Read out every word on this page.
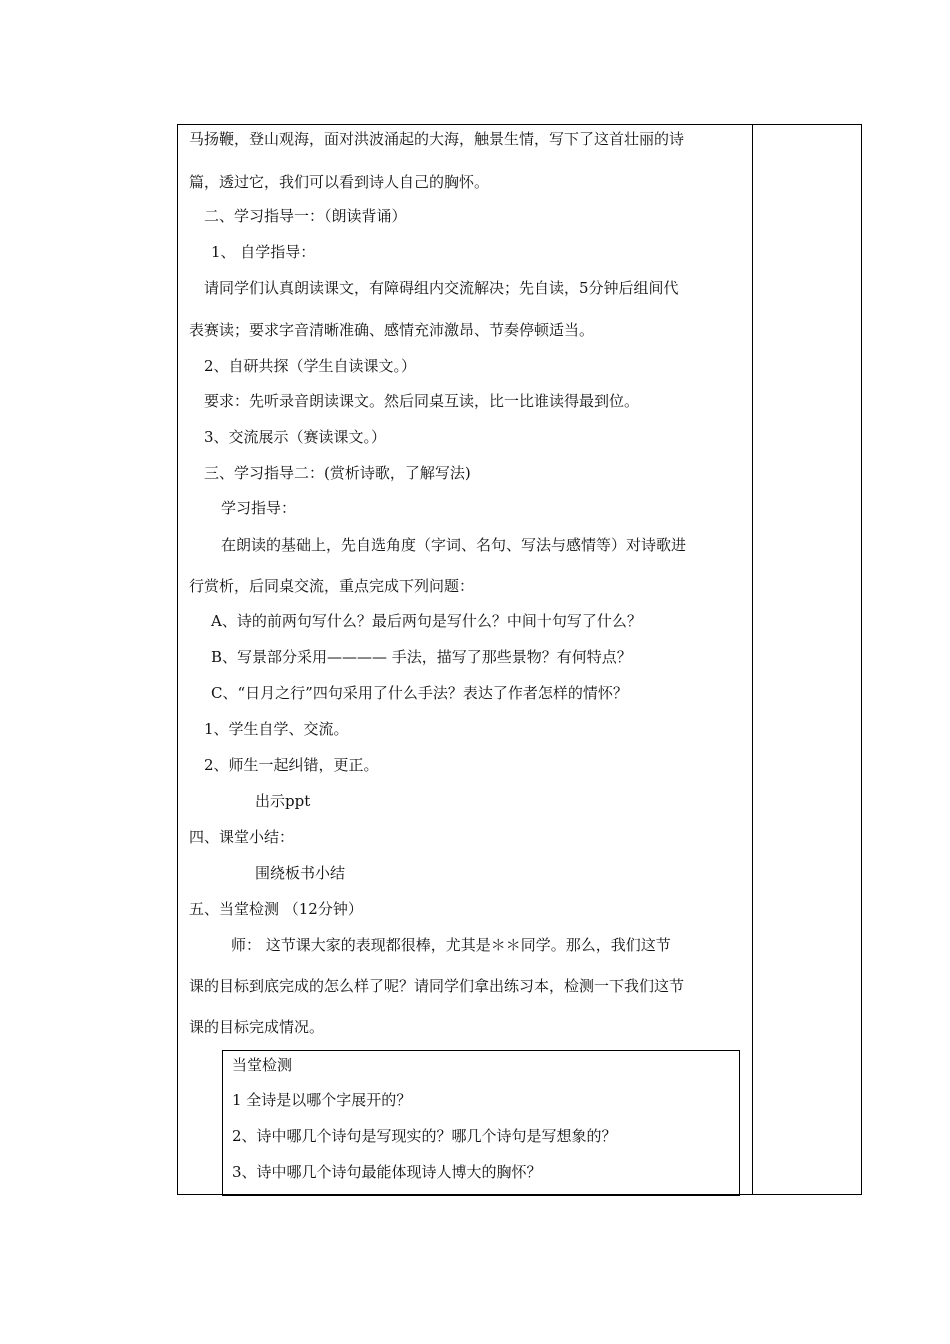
马扬鞭，登山观海，面对洪波涌起的大海，触景生情，写下了这首壮丽的诗
篇，透过它，我们可以看到诗人自己的胸怀。
二、学习指导一：（朗读背诵）
1、 自学指导：
请同学们认真朗读课文，有障碍组内交流解决；先自读，5分钟后组间代
表赛读；要求字音清晰准确、感情充沛激昂、节奏停顿适当。
2、自研共探（学生自读课文。）
要求：先听录音朗读课文。然后同桌互读，比一比谁读得最到位。
3、交流展示（赛读课文。）
三、学习指导二：(赏析诗歌，了解写法)
学习指导：
在朗读的基础上，先自选角度（字词、名句、写法与感情等）对诗歌进
行赏析，后同桌交流，重点完成下列问题：
A、诗的前两句写什么？最后两句是写什么？中间十句写了什么？
B、写景部分采用———— 手法，描写了那些景物？有何特点？
C、“日月之行”四句采用了什么手法？表达了作者怎样的情怀？
1、学生自学、交流。
2、师生一起纠错，更正。
出示ppt
四、课堂小结：
围绕板书小结
五、当堂检测 （12分钟）
师： 这节课大家的表现都很棒，尤其是＊＊同学。那么，我们这节
课的目标到底完成的怎么样了呢？请同学们拿出练习本，检测一下我们这节
课的目标完成情况。
当堂检测
1 全诗是以哪个字展开的？
2、诗中哪几个诗句是写现实的？哪几个诗句是写想象的？
3、诗中哪几个诗句最能体现诗人博大的胸怀？
